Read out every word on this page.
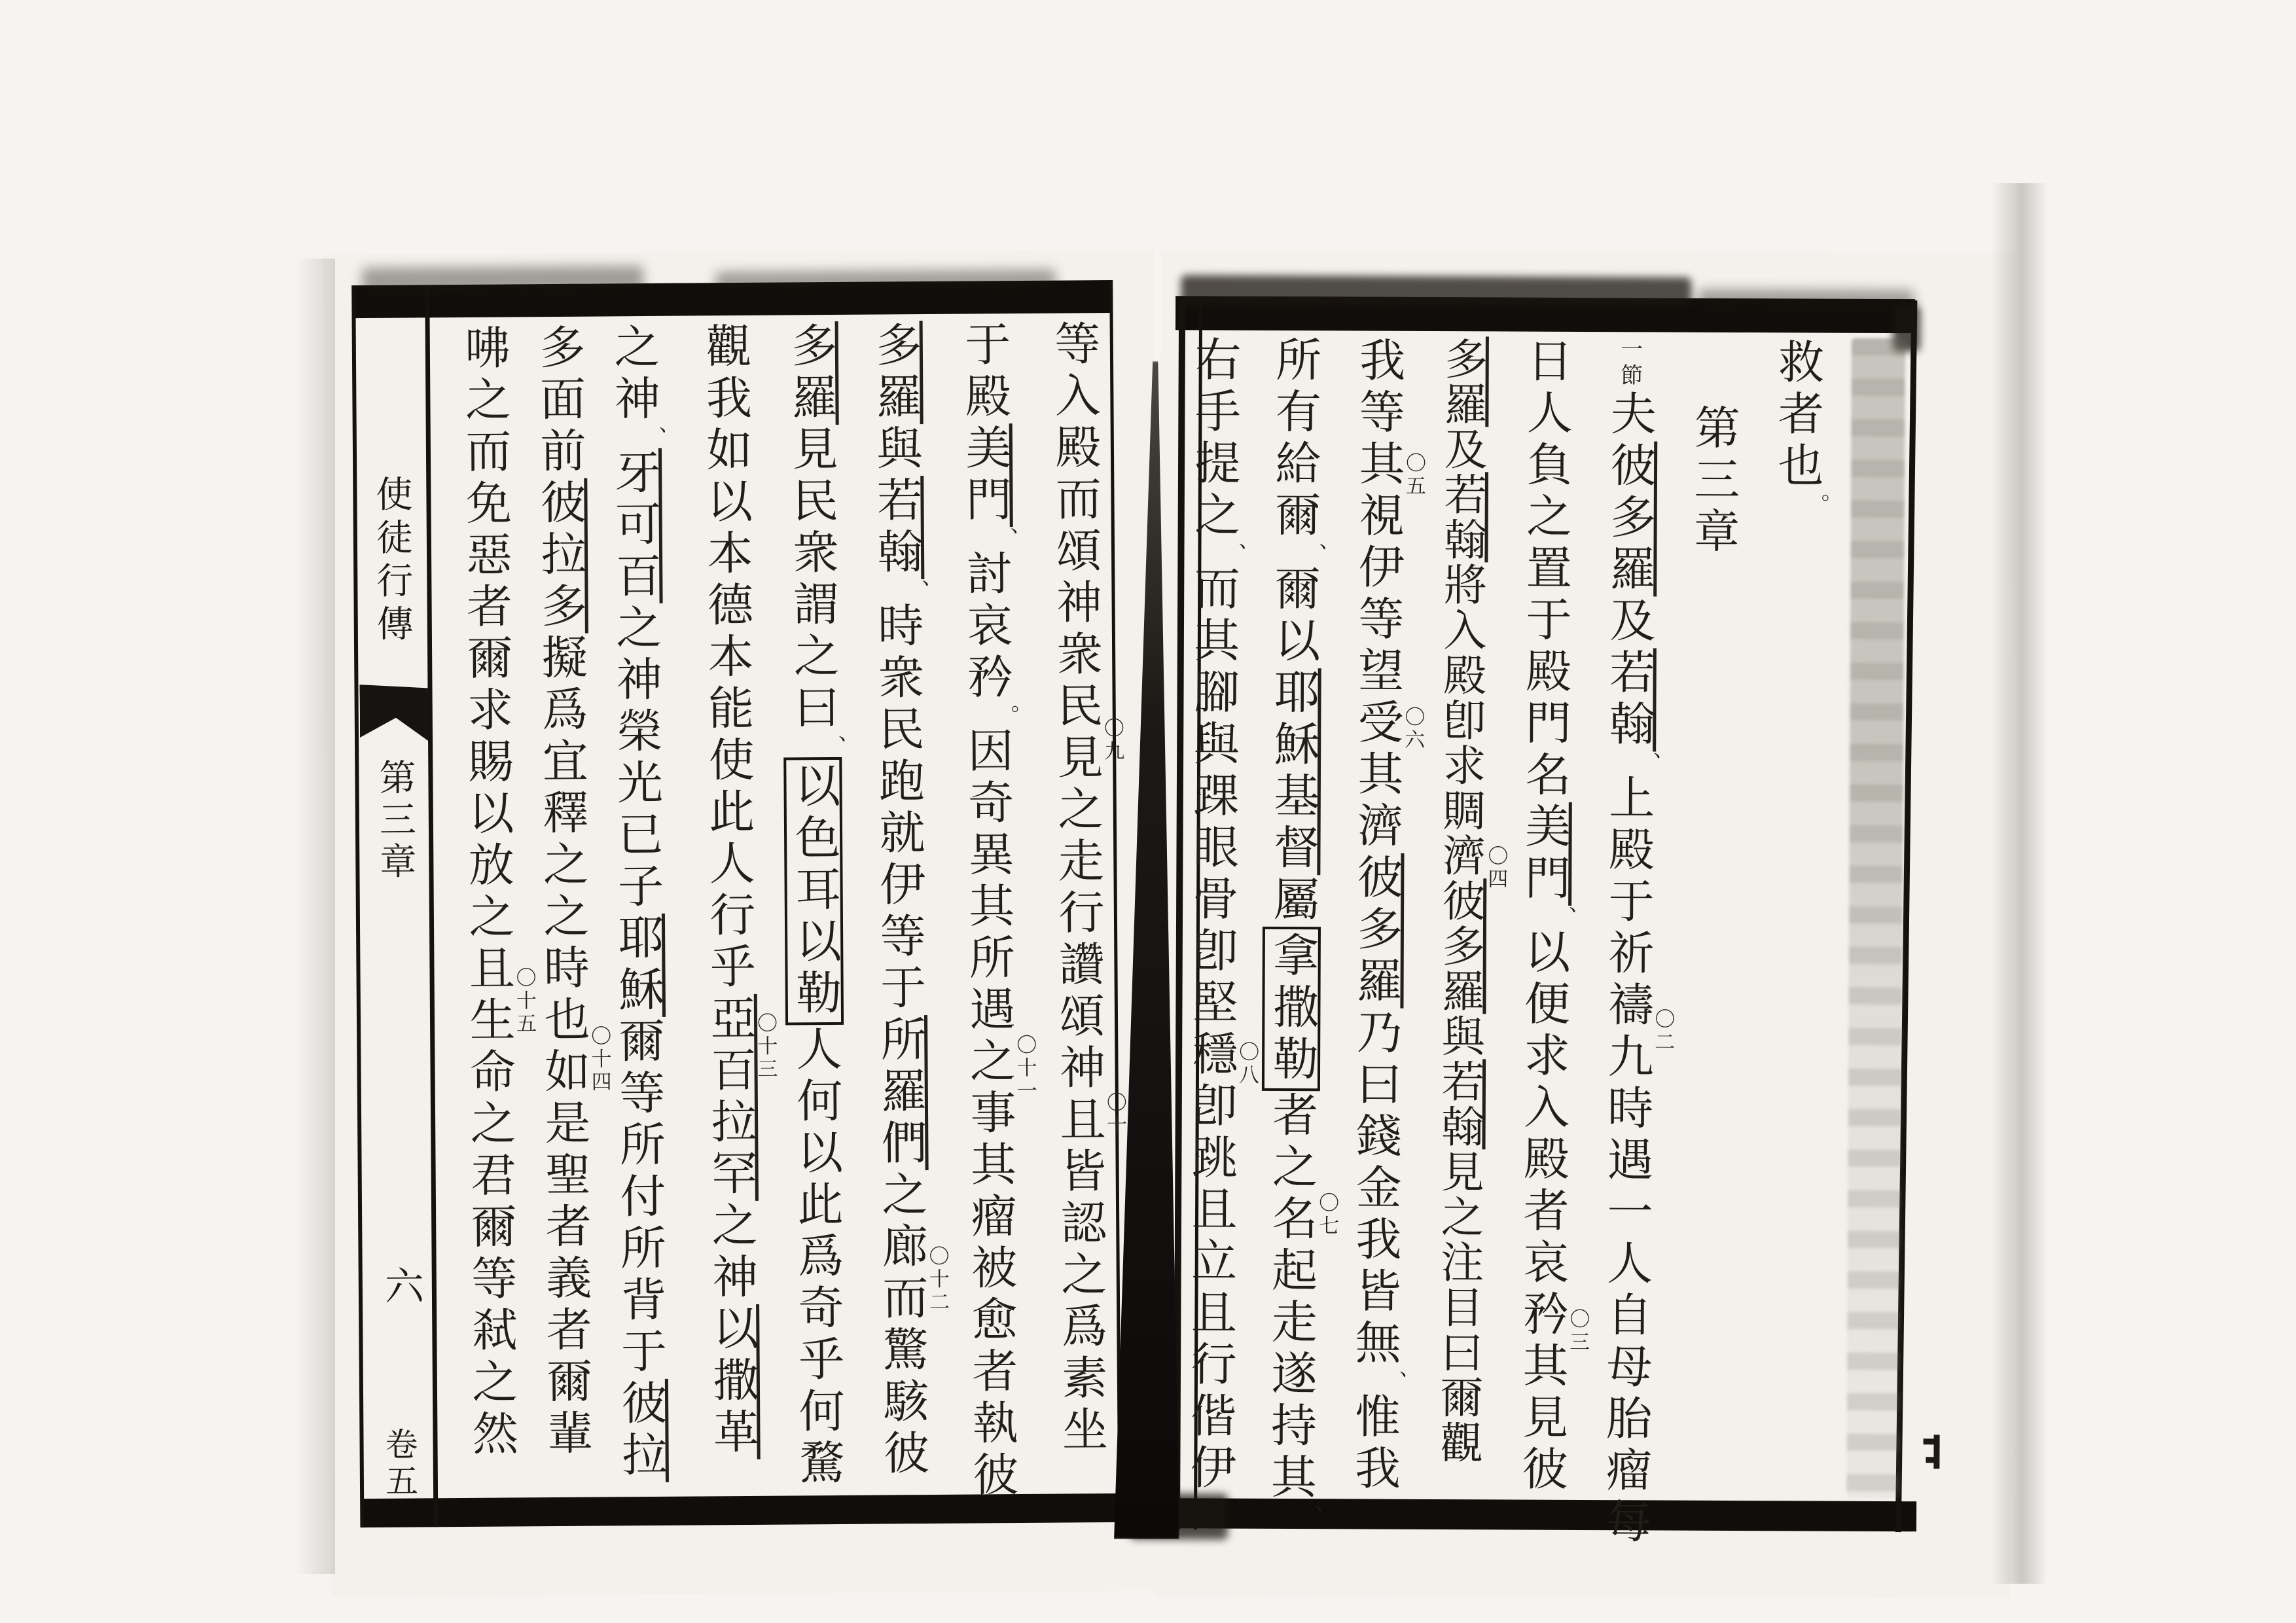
使徒行傳
第三章
六
卷五
等入殿而頌神衆民見之走行讚頌神且皆認之爲素坐
〇九
〇十
于殿美門、討哀矜。因奇異其所遇之事其瘤被愈者執彼
〇十一
多羅與若翰、時衆民跑就伊等于所羅們之廊而驚駭彼
〇十二
多羅見民衆謂之曰、以色耳以勒人何以此爲奇乎何騖
觀我如以本德本能使此人行乎亞百拉罕之神以撒革
〇十三
之神、牙可百之神榮光已子耶穌爾等所付所背于彼拉
多面前彼拉多擬爲宜釋之之時也如是聖者義者爾輩
〇十四
咈之而免惡者爾求賜以放之且生命之君爾等弒之然
〇十五
救者也。
第三章
一節夫彼多羅及若翰、上殿于祈禱九時遇一人自母胎瘤每
〇二
日人負之置于殿門名美門、以便求入殿者哀矜其見彼
〇三
多羅及若翰將入殿卽求賙濟彼多羅與若翰見之注目曰爾觀
〇四
我等其視伊等望受其濟彼多羅乃曰錢金我皆無、惟我
〇五
〇六
所有給爾、爾以耶穌基督屬拿撒勒者之名起走遂持其、
〇七
右手提之、而其腳與踝眼骨卽堅穩卽跳且立且行偕伊
〇八
